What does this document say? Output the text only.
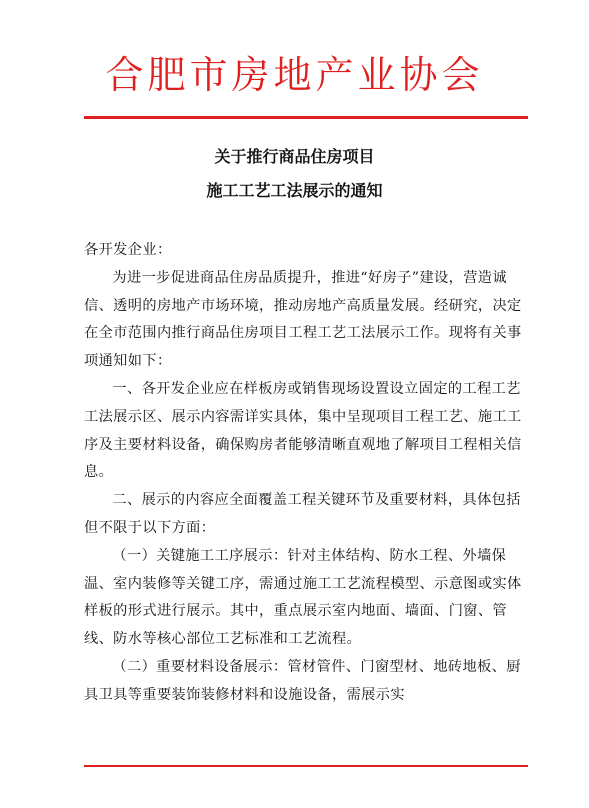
合肥市房地产业协会
关于推行商品住房项目
施工工艺工法展示的通知

各开发企业：

为进一步促进商品住房品质提升，推进“好房子”建设，营造诚信、透明的房地产市场环境，推动房地产高质量发展。经研究，决定在全市范围内推行商品住房项目工程工艺工法展示工作。现将有关事项通知如下：

一、各开发企业应在样板房或销售现场设置设立固定的工程工艺工法展示区、展示内容需详实具体，集中呈现项目工程工艺、施工工序及主要材料设备，确保购房者能够清晰直观地了解项目工程相关信息。

二、展示的内容应全面覆盖工程关键环节及重要材料，具体包括但不限于以下方面：

（一）关键施工工序展示：针对主体结构、防水工程、外墙保温、室内装修等关键工序，需通过施工工艺流程模型、示意图或实体样板的形式进行展示。其中，重点展示室内地面、墙面、门窗、管线、防水等核心部位工艺标准和工艺流程。

（二）重要材料设备展示：管材管件、门窗型材、地砖地板、厨具卫具等重要装饰装修材料和设施设备，需展示实
